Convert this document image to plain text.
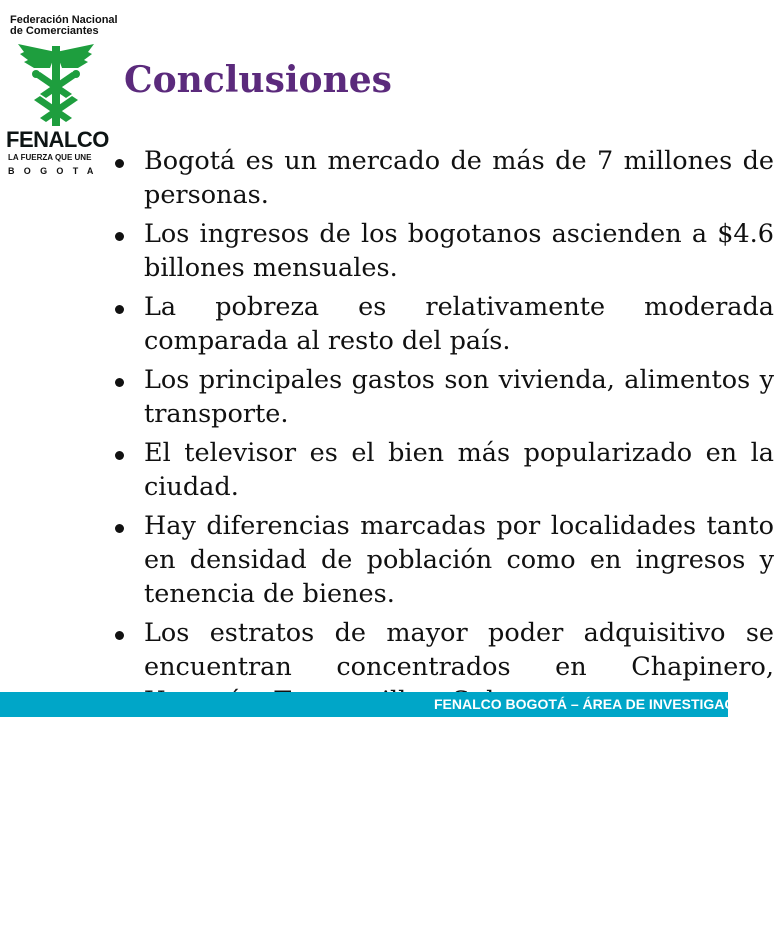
Federación Nacional
de Comerciantes
FENALCO
LA FUERZA QUE UNE
BOGOTA
Conclusiones
Bogotá es un mercado de más de 7 millones de personas.
Los ingresos de los bogotanos ascienden a $4.6 billones mensuales.
La pobreza es relativamente moderada comparada al resto del país.
Los principales gastos son vivienda, alimentos y transporte.
El televisor es el bien más popularizado en la ciudad.
Hay diferencias marcadas por localidades tanto en densidad de población como en ingresos y tenencia de bienes.
Los estratos de mayor poder adquisitivo se encuentran concentrados en Chapinero,
FENALCO BOGOTÁ – ÁREA DE INVESTIGACIONES
